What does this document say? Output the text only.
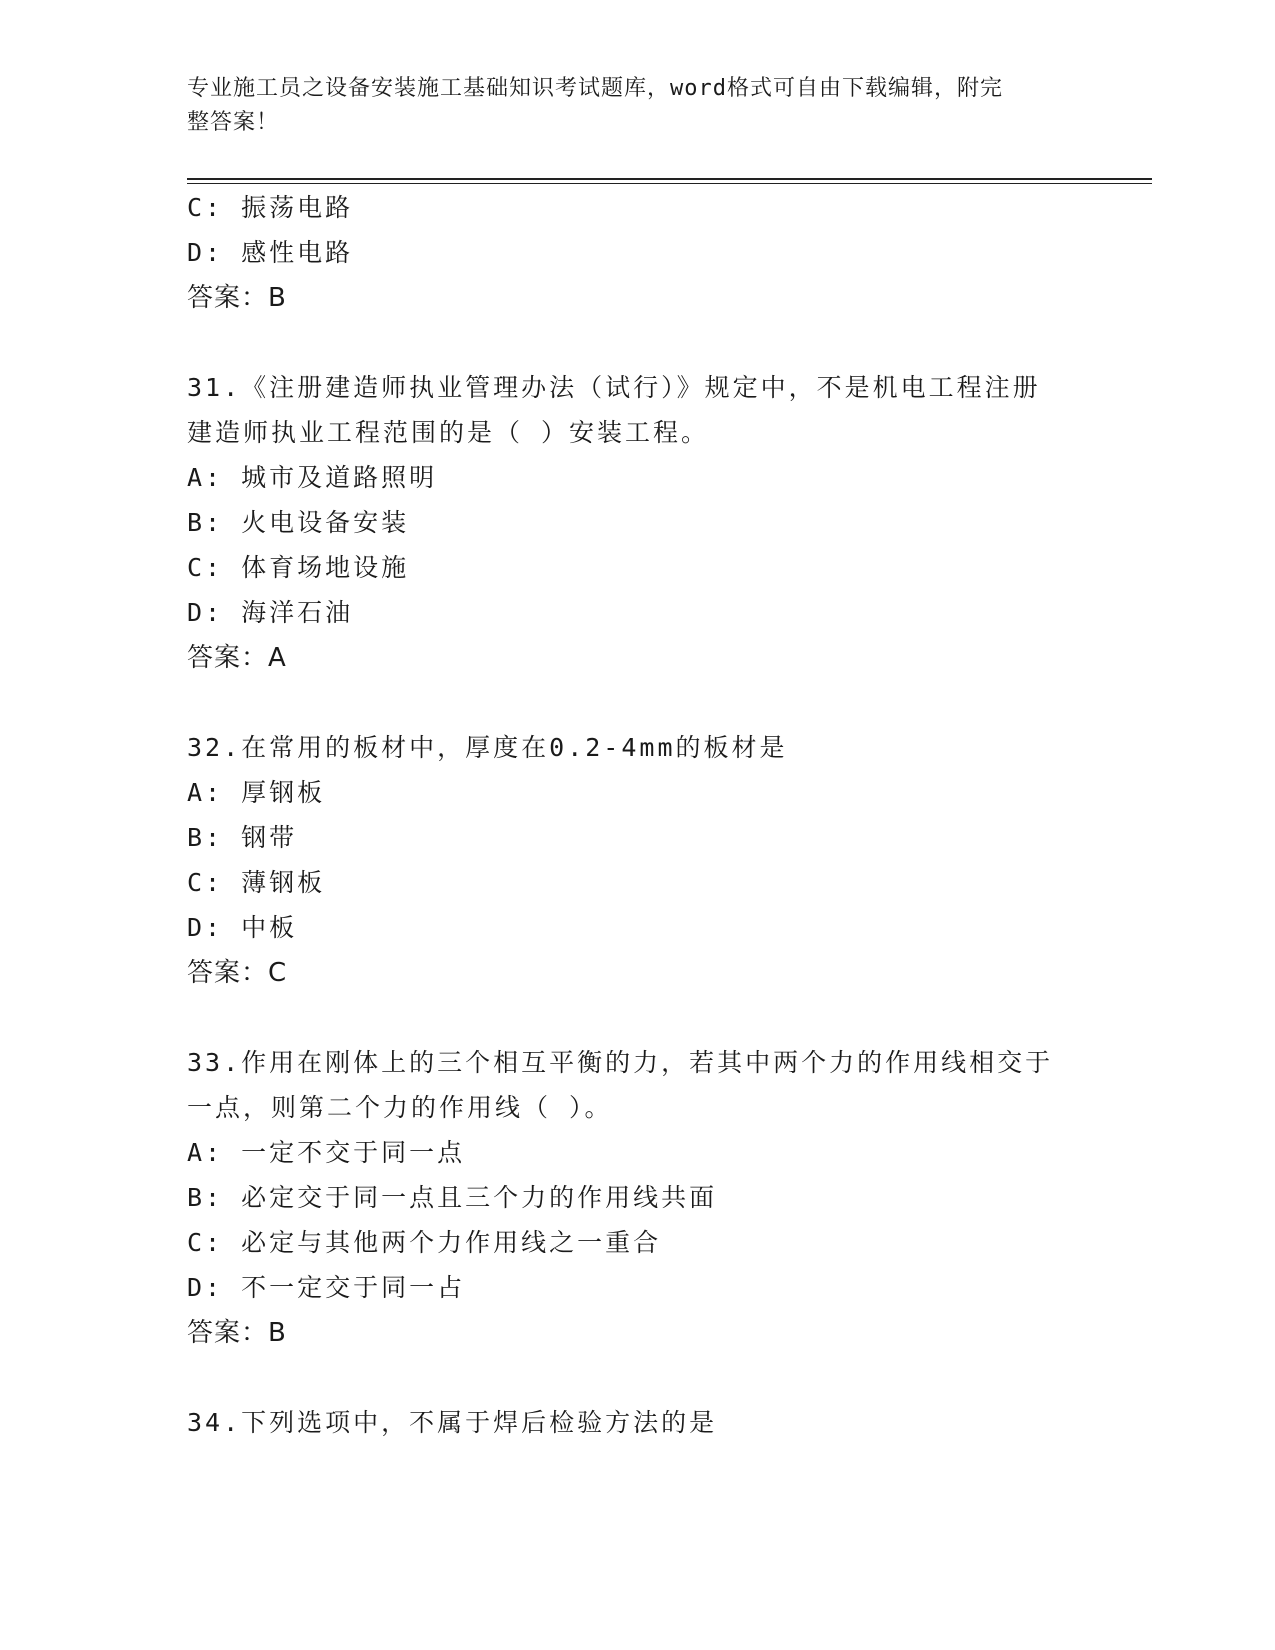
专业施工员之设备安装施工基础知识考试题库，word格式可自由下载编辑，附完
整答案！
C: 振荡电路
D: 感性电路
答案：B
31.《注册建造师执业管理办法（试行）》规定中，不是机电工程注册
建造师执业工程范围的是（ ）安装工程。
A: 城市及道路照明
B: 火电设备安装
C: 体育场地设施
D: 海洋石油
答案：A
32.在常用的板材中，厚度在0.2-4mm的板材是
A: 厚钢板
B: 钢带
C: 薄钢板
D: 中板
答案：C
33.作用在刚体上的三个相互平衡的力，若其中两个力的作用线相交于
一点，则第二个力的作用线（ ）。
A: 一定不交于同一点
B: 必定交于同一点且三个力的作用线共面
C: 必定与其他两个力作用线之一重合
D: 不一定交于同一占
答案：B
34.下列选项中，不属于焊后检验方法的是
